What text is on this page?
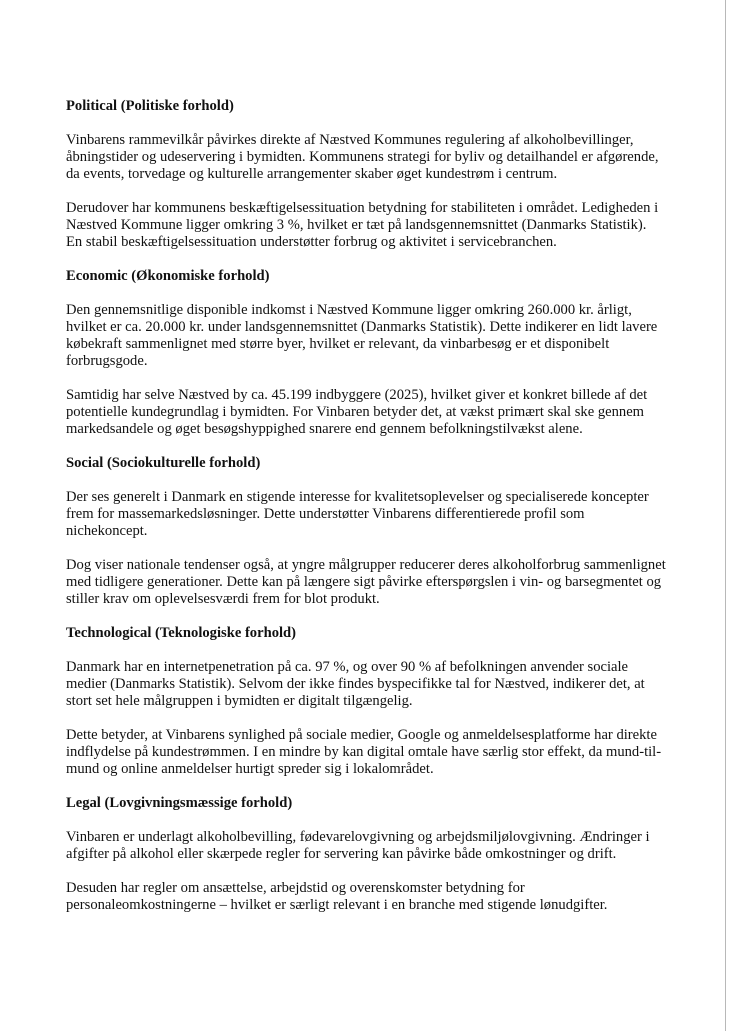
Political (Politiske forhold)

Vinbarens rammevilkår påvirkes direkte af Næstved Kommunes regulering af alkoholbevillinger, åbningstider og udeservering i bymidten. Kommunens strategi for byliv og detailhandel er afgørende, da events, torvedage og kulturelle arrangementer skaber øget kundestrøm i centrum.

Derudover har kommunens beskæftigelsessituation betydning for stabiliteten i området. Ledigheden i Næstved Kommune ligger omkring 3 %, hvilket er tæt på landsgennemsnittet (Danmarks Statistik). En stabil beskæftigelsessituation understøtter forbrug og aktivitet i servicebranchen.

Economic (Økonomiske forhold)

Den gennemsnitlige disponible indkomst i Næstved Kommune ligger omkring 260.000 kr. årligt, hvilket er ca. 20.000 kr. under landsgennemsnittet (Danmarks Statistik). Dette indikerer en lidt lavere købekraft sammenlignet med større byer, hvilket er relevant, da vinbarbesøg er et disponibelt forbrugsgode.

Samtidig har selve Næstved by ca. 45.199 indbyggere (2025), hvilket giver et konkret billede af det potentielle kundegrundlag i bymidten. For Vinbaren betyder det, at vækst primært skal ske gennem markedsandele og øget besøgshyppighed snarere end gennem befolkningstilvækst alene.

Social (Sociokulturelle forhold)

Der ses generelt i Danmark en stigende interesse for kvalitetsoplevelser og specialiserede koncepter frem for massemarkedsløsninger. Dette understøtter Vinbarens differentierede profil som nichekoncept.

Dog viser nationale tendenser også, at yngre målgrupper reducerer deres alkoholforbrug sammenlignet med tidligere generationer. Dette kan på længere sigt påvirke efterspørgslen i vin- og barsegmentet og stiller krav om oplevelsesværdi frem for blot produkt.

Technological (Teknologiske forhold)

Danmark har en internetpenetration på ca. 97 %, og over 90 % af befolkningen anvender sociale medier (Danmarks Statistik). Selvom der ikke findes byspecifikke tal for Næstved, indikerer det, at stort set hele målgruppen i bymidten er digitalt tilgængelig.

Dette betyder, at Vinbarens synlighed på sociale medier, Google og anmeldelsesplatforme har direkte indflydelse på kundestrømmen. I en mindre by kan digital omtale have særlig stor effekt, da mund-til-mund og online anmeldelser hurtigt spreder sig i lokalområdet.

Legal (Lovgivningsmæssige forhold)

Vinbaren er underlagt alkoholbevilling, fødevarelovgivning og arbejdsmiljølovgivning. Ændringer i afgifter på alkohol eller skærpede regler for servering kan påvirke både omkostninger og drift.

Desuden har regler om ansættelse, arbejdstid og overenskomster betydning for personaleomkostningerne – hvilket er særligt relevant i en branche med stigende lønudgifter.
